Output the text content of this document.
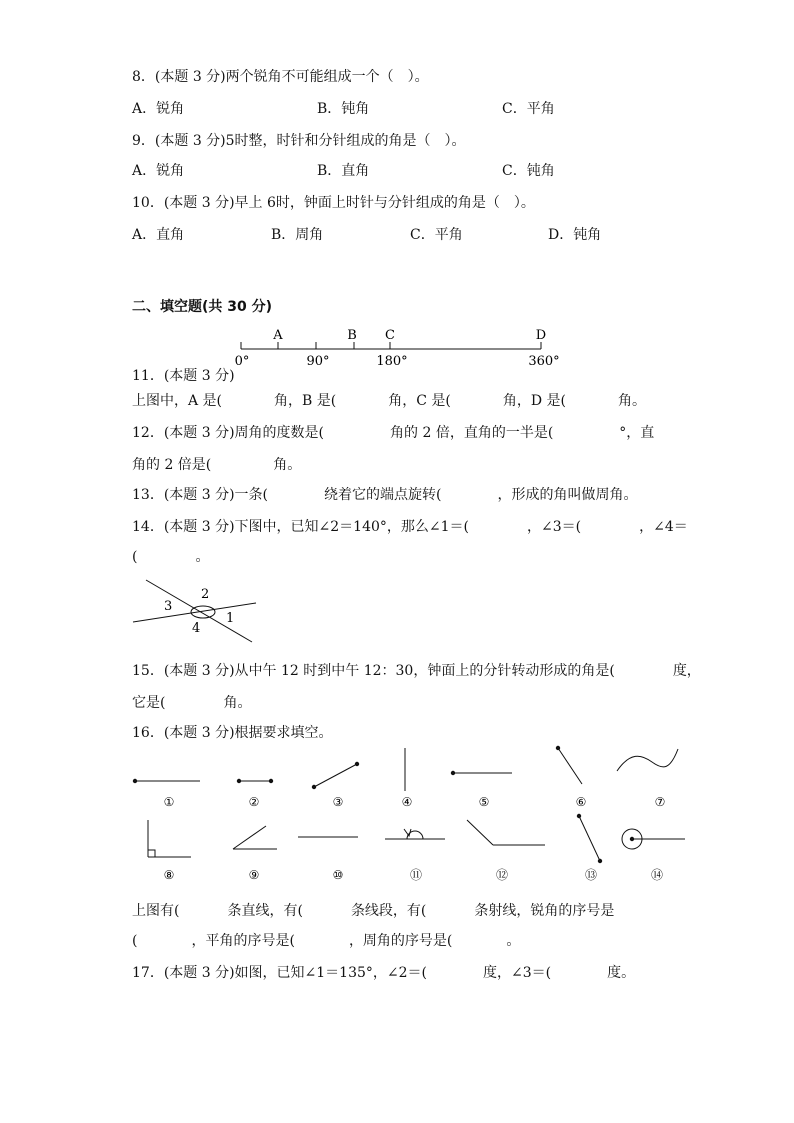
8．(本题 3 分)两个锐角不可能组成一个（　）。
A．锐角	B．钝角	C．平角
9．(本题 3 分)5时整，时针和分针组成的角是（　）。
A．锐角	B．直角	C．钝角
10．(本题 3 分)早上 6时，钟面上时针与分针组成的角是（　）。
A．直角	B．周角	C．平角	D．钝角
二、填空题(共 30 分)
A	B C	D
0°	90°	180°	360°
11．(本题 3 分)
上图中，A 是(	角，B 是(	角，C 是(	角，D 是(	角。
12．(本题 3 分)周角的度数是(	角的 2 倍，直角的一半是(	°，直
角的 2 倍是(	角。
13．(本题 3 分)一条(	绕着它的端点旋转(	，形成的角叫做周角。
14．(本题 3 分)下图中，已知∠2＝140°，那么∠1＝(	，∠3＝(	，∠4＝
(	。
1
2
3
4
15．(本题 3 分)从中午 12 时到中午 12：30，钟面上的分针转动形成的角是(	度，
它是(	角。
16．(本题 3 分)根据要求填空。
①	②	③	④	⑤	⑥	⑦
⑧	⑨	⑩	⑪	⑫	⑬	⑭
上图有(	条直线，有(	条线段，有(	条射线，锐角的序号是
(	，平角的序号是(	，周角的序号是(	。
17．(本题 3 分)如图，已知∠1＝135°，∠2＝(	度，∠3＝(	度。
